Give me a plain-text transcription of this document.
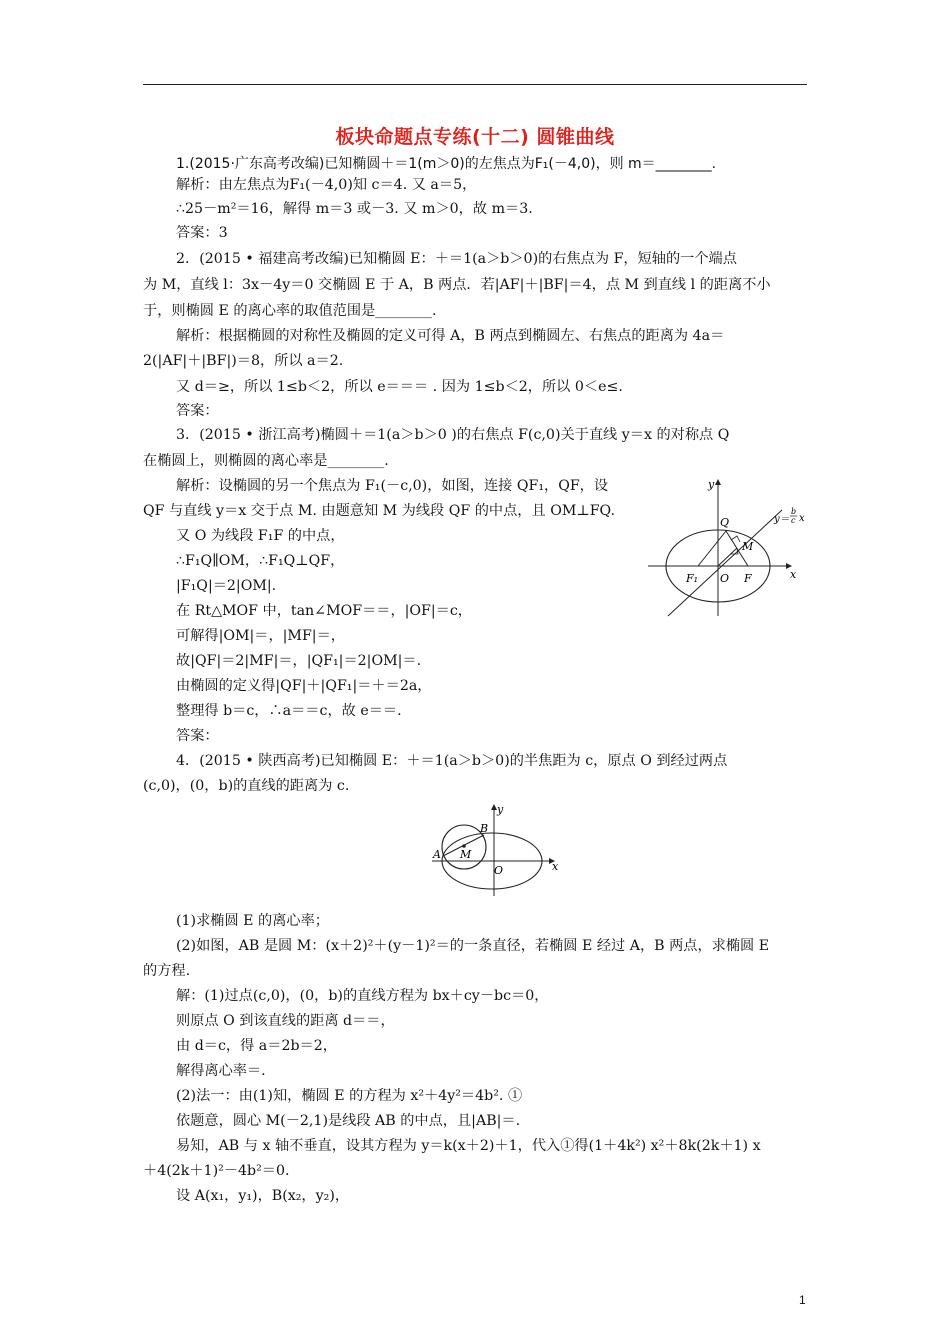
板块命题点专练(十二) 圆锥曲线
1.(2015·广东高考改编)已知椭圆＋＝1(m＞0)的左焦点为F₁(－4,0)，则 m＝________.
解析：由左焦点为F₁(－4,0)知 c＝4. 又 a＝5，
∴25－m²＝16，解得 m＝3 或－3. 又 m＞0，故 m＝3.
答案：3
2．(2015 • 福建高考改编)已知椭圆 E：＋＝1(a＞b＞0)的右焦点为 F，短轴的一个端点
为 M，直线 l：3x－4y＝0 交椭圆 E 于 A，B 两点．若|AF|＋|BF|＝4，点 M 到直线 l 的距离不小
于，则椭圆 E 的离心率的取值范围是________.
解析：根据椭圆的对称性及椭圆的定义可得 A，B 两点到椭圆左、右焦点的距离为 4a＝
2(|AF|＋|BF|)＝8，所以 a＝2.
又 d＝≥，所以 1≤b＜2，所以 e＝＝＝ . 因为 1≤b＜2，所以 0＜e≤.
答案：
3．(2015 • 浙江高考)椭圆＋＝1(a＞b＞0 )的右焦点 F(c,0)关于直线 y＝x 的对称点 Q
在椭圆上，则椭圆的离心率是________.
解析：设椭圆的另一个焦点为 F₁(－c,0)，如图，连接 QF₁，QF，设
QF 与直线 y＝x 交于点 M. 由题意知 M 为线段 QF 的中点，且 OM⊥FQ.
又 O 为线段 F₁F 的中点，
∴F₁Q∥OM，∴F₁Q⊥QF，
|F₁Q|＝2|OM|.
在 Rt△MOF 中，tan∠MOF＝＝，|OF|＝c，
可解得|OM|＝，|MF|＝，
故|QF|＝2|MF|＝，|QF₁|＝2|OM|＝.
由椭圆的定义得|QF|＋|QF₁|＝＋＝2a，
整理得 b＝c，∴a＝＝c，故 e＝＝.
答案：
4．(2015 • 陕西高考)已知椭圆 E：＋＝1(a＞b＞0)的半焦距为 c，原点 O 到经过两点
(c,0)，(0，b)的直线的距离为 c.
(1)求椭圆 E 的离心率；
(2)如图，AB 是圆 M：(x＋2)²＋(y－1)²＝的一条直径，若椭圆 E 经过 A，B 两点，求椭圆 E
的方程.
解：(1)过点(c,0)，(0，b)的直线方程为 bx＋cy－bc＝0，
则原点 O 到该直线的距离 d＝＝，
由 d＝c，得 a＝2b＝2，
解得离心率＝.
(2)法一：由(1)知，椭圆 E 的方程为 x²＋4y²＝4b². ①
依题意，圆心 M(－2,1)是线段 AB 的中点，且|AB|＝.
易知，AB 与 x 轴不垂直，设其方程为 y＝k(x＋2)＋1，代入①得(1＋4k²) x²＋8k(2k＋1) x
＋4(2k＋1)²－4b²＝0.
设 A(x₁，y₁)，B(x₂，y₂)，
y
x
Q
M
F₁ O F
y＝
b
c x
y
x
B
A M
O
1
